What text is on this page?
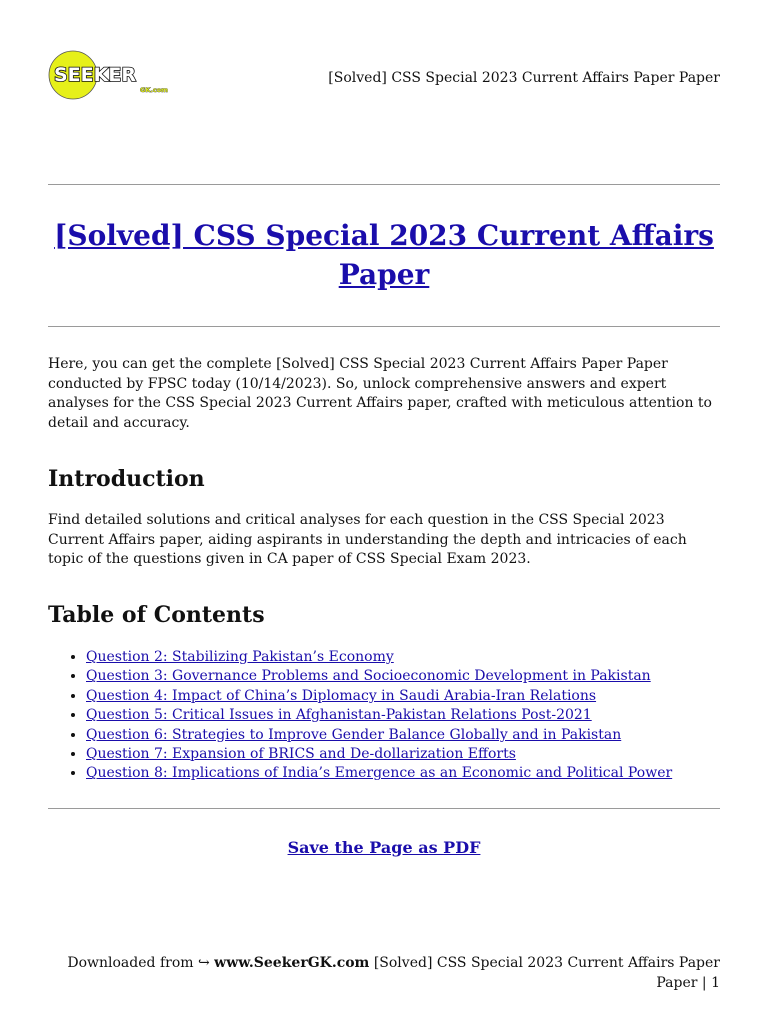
SEEKER
GK.com
[Solved] CSS Special 2023 Current Affairs Paper Paper
[Solved] CSS Special 2023 Current Affairs
Paper

Here, you can get the complete [Solved] CSS Special 2023 Current Affairs Paper Paper conducted by FPSC today (10/14/2023). So, unlock comprehensive answers and expert analyses for the CSS Special 2023 Current Affairs paper, crafted with meticulous attention to detail and accuracy.

Introduction

Find detailed solutions and critical analyses for each question in the CSS Special 2023 Current Affairs paper, aiding aspirants in understanding the depth and intricacies of each topic of the questions given in CA paper of CSS Special Exam 2023.

Table of Contents
• Question 2: Stabilizing Pakistan’s Economy
• Question 3: Governance Problems and Socioeconomic Development in Pakistan
• Question 4: Impact of China’s Diplomacy in Saudi Arabia-Iran Relations
• Question 5: Critical Issues in Afghanistan-Pakistan Relations Post-2021
• Question 6: Strategies to Improve Gender Balance Globally and in Pakistan
• Question 7: Expansion of BRICS and De-dollarization Efforts
• Question 8: Implications of India’s Emergence as an Economic and Political Power
Save the Page as PDF
Downloaded from ↪ www.SeekerGK.com [Solved] CSS Special 2023 Current Affairs Paper
Paper | 1
